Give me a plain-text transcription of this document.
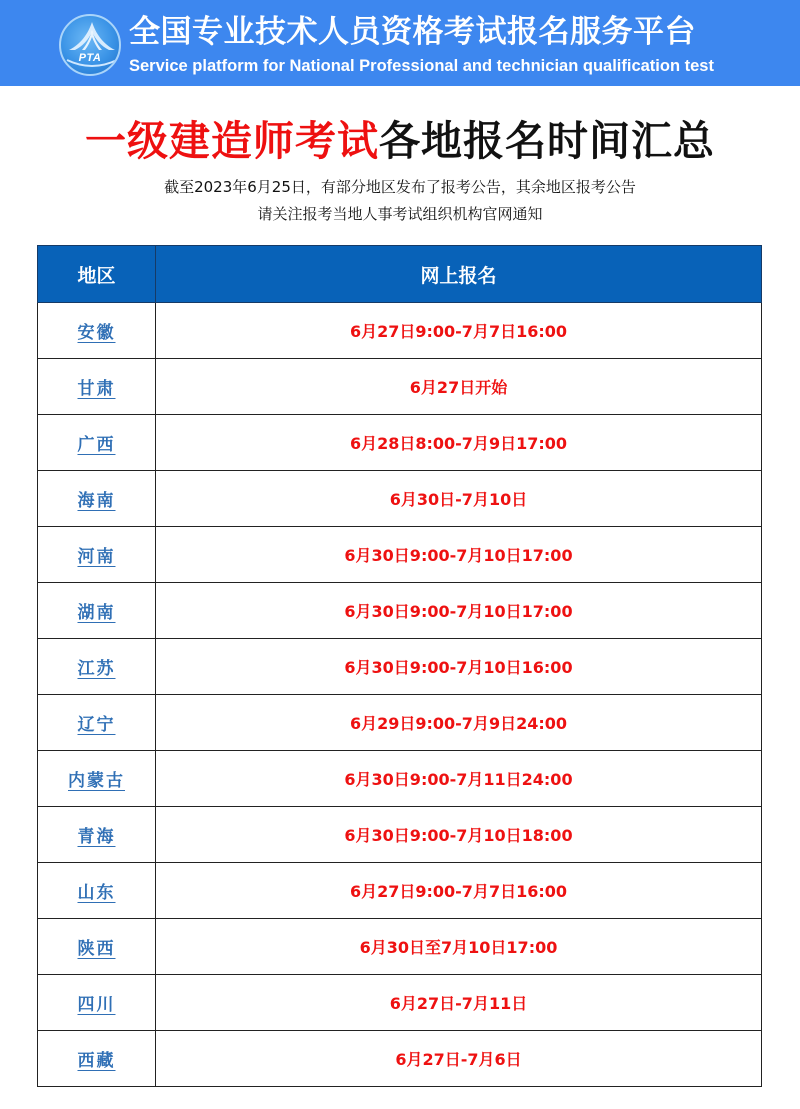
PTA
全国专业技术人员资格考试报名服务平台
Service platform for National Professional and technician qualification test
一级建造师考试各地报名时间汇总
截至2023年6月25日，有部分地区发布了报考公告，其余地区报考公告
请关注报考当地人事考试组织机构官网通知
地区	网上报名
安徽	6月27日9:00-7月7日16:00
甘肃	6月27日开始
广西	6月28日8:00-7月9日17:00
海南	6月30日-7月10日
河南	6月30日9:00-7月10日17:00
湖南	6月30日9:00-7月10日17:00
江苏	6月30日9:00-7月10日16:00
辽宁	6月29日9:00-7月9日24:00
内蒙古	6月30日9:00-7月11日24:00
青海	6月30日9:00-7月10日18:00
山东	6月27日9:00-7月7日16:00
陕西	6月30日至7月10日17:00
四川	6月27日-7月11日
西藏	6月27日-7月6日
